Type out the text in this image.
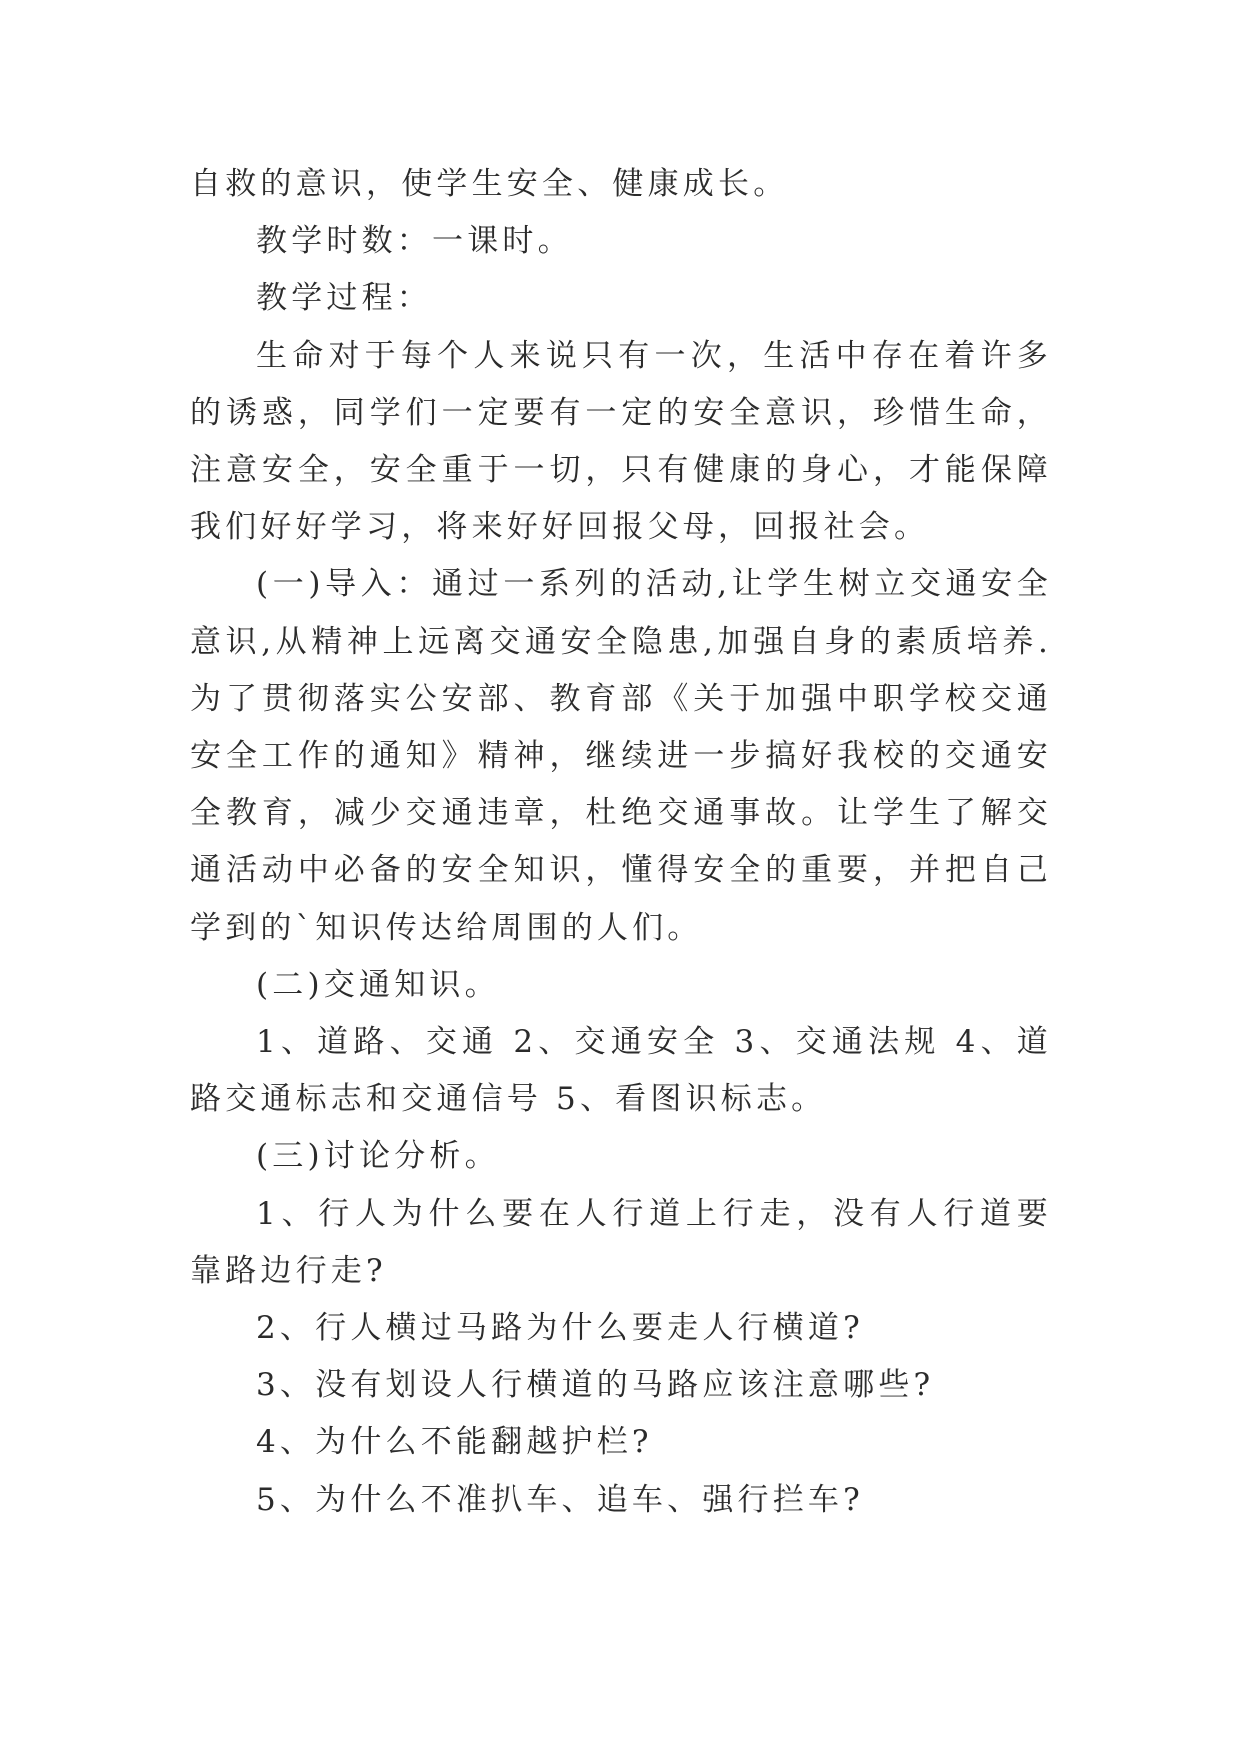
自救的意识，使学生安全、健康成长。

教学时数：一课时。

教学过程：

生命对于每个人来说只有一次，生活中存在着许多的诱惑，同学们一定要有一定的安全意识，珍惜生命，注意安全，安全重于一切，只有健康的身心，才能保障我们好好学习，将来好好回报父母，回报社会。

(一)导入：通过一系列的活动,让学生树立交通安全意识,从精神上远离交通安全隐患,加强自身的素质培养.为了贯彻落实公安部、教育部《关于加强中职学校交通安全工作的通知》精神，继续进一步搞好我校的交通安全教育，减少交通违章，杜绝交通事故。让学生了解交通活动中必备的安全知识，懂得安全的重要，并把自己学到的`知识传达给周围的人们。

(二)交通知识。

1、道路、交通 2、交通安全 3、交通法规 4、道路交通标志和交通信号 5、看图识标志。

(三)讨论分析。

1、行人为什么要在人行道上行走，没有人行道要靠路边行走?

2、行人横过马路为什么要走人行横道?

3、没有划设人行横道的马路应该注意哪些?

4、为什么不能翻越护栏?

5、为什么不准扒车、追车、强行拦车?
